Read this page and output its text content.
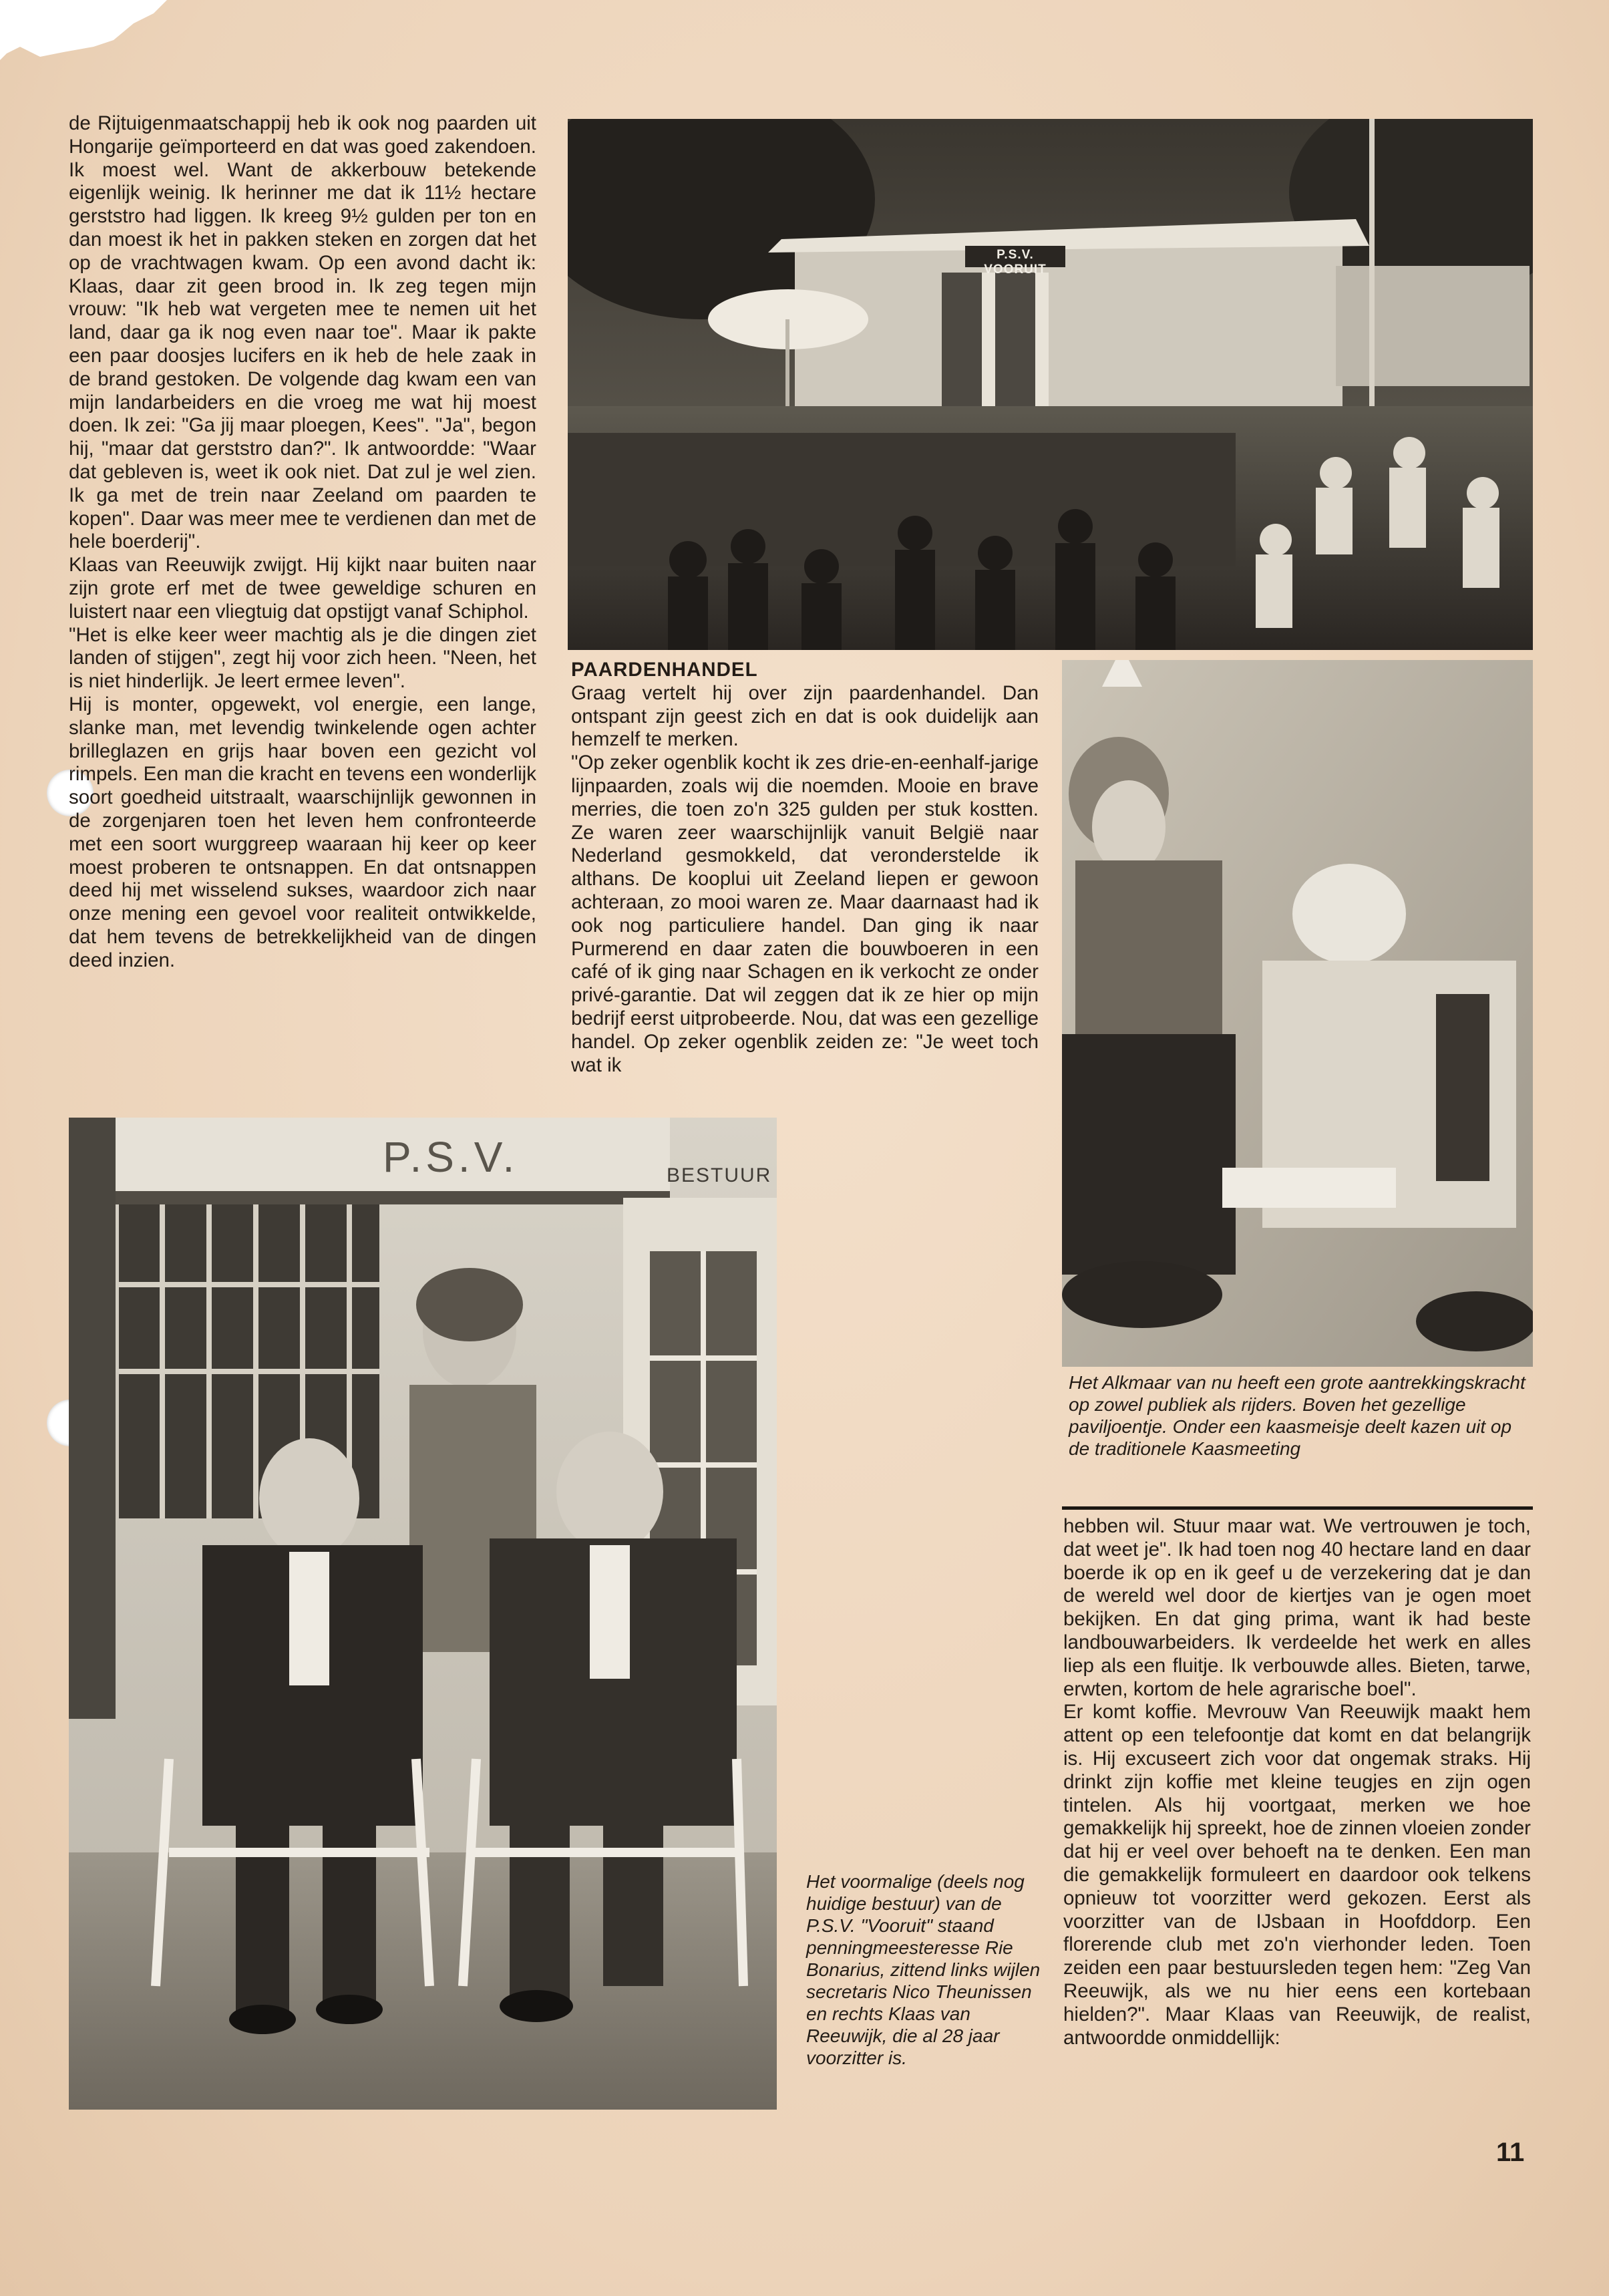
de Rijtuigenmaatschappij heb ik ook nog paarden uit Hongarije geïmporteerd en dat was goed zakendoen. Ik moest wel. Want de akkerbouw betekende eigenlijk weinig. Ik herinner me dat ik 11½ hectare gerststro had liggen. Ik kreeg 9½ gulden per ton en dan moest ik het in pakken steken en zorgen dat het op de vrachtwagen kwam. Op een avond dacht ik: Klaas, daar zit geen brood in. Ik zeg tegen mijn vrouw: "Ik heb wat vergeten mee te nemen uit het land, daar ga ik nog even naar toe". Maar ik pakte een paar doosjes lucifers en ik heb de hele zaak in de brand gestoken. De volgende dag kwam een van mijn landarbeiders en die vroeg me wat hij moest doen. Ik zei: "Ga jij maar ploegen, Kees". "Ja", begon hij, "maar dat gerststro dan?". Ik antwoordde: "Waar dat gebleven is, weet ik ook niet. Dat zul je wel zien. Ik ga met de trein naar Zeeland om paarden te kopen". Daar was meer mee te verdienen dan met de hele boerderij".

Klaas van Reeuwijk zwijgt. Hij kijkt naar buiten naar zijn grote erf met de twee geweldige schuren en luistert naar een vliegtuig dat opstijgt vanaf Schiphol.

"Het is elke keer weer machtig als je die dingen ziet landen of stijgen", zegt hij voor zich heen. "Neen, het is niet hinderlijk. Je leert ermee leven".

Hij is monter, opgewekt, vol energie, een lange, slanke man, met levendig twinkelende ogen achter brilleglazen en grijs haar boven een gezicht vol rimpels. Een man die kracht en tevens een wonderlijk soort goedheid uitstraalt, waarschijnlijk gewonnen in de zorgenjaren toen het leven hem confronteerde met een soort wurggreep waaraan hij keer op keer moest proberen te ontsnappen. En dat ontsnappen deed hij met wisselend sukses, waardoor zich naar onze mening een gevoel voor realiteit ontwikkelde, dat hem tevens de betrekkelijkheid van de dingen deed inzien.

P.S.V. VOORUIT

PAARDENHANDEL

Graag vertelt hij over zijn paardenhandel. Dan ontspant zijn geest zich en dat is ook duidelijk aan hemzelf te merken.

"Op zeker ogenblik kocht ik zes drie-en-eenhalf-jarige lijnpaarden, zoals wij die noemden. Mooie en brave merries, die toen zo'n 325 gulden per stuk kostten. Ze waren zeer waarschijnlijk vanuit België naar Nederland gesmokkeld, dat veronderstelde ik althans. De kooplui uit Zeeland liepen er gewoon achteraan, zo mooi waren ze. Maar daarnaast had ik ook nog particuliere handel. Dan ging ik naar Purmerend en daar zaten die bouwboeren in een café of ik ging naar Schagen en ik verkocht ze onder privé-garantie. Dat wil zeggen dat ik ze hier op mijn bedrijf eerst uitprobeerde. Nou, dat was een gezellige handel. Op zeker ogenblik zeiden ze: "Je weet toch wat ik

Het Alkmaar van nu heeft een grote aantrekkingskracht op zowel publiek als rijders. Boven het gezellige paviljoentje. Onder een kaasmeisje deelt kazen uit op de traditionele Kaasmeeting
P.S.V.	BESTUUR
Het voormalige (deels nog huidige bestuur) van de P.S.V. "Vooruit" staand penningmeesteresse Rie Bonarius, zittend links wijlen secretaris Nico Theunissen en rechts Klaas van Reeuwijk, die al 28 jaar voorzitter is.

hebben wil. Stuur maar wat. We vertrouwen je toch, dat weet je". Ik had toen nog 40 hectare land en daar boerde ik op en ik geef u de verzekering dat je dan de wereld wel door de kiertjes van je ogen moet bekijken. En dat ging prima, want ik had beste landbouwarbeiders. Ik verdeelde het werk en alles liep als een fluitje. Ik verbouwde alles. Bieten, tarwe, erwten, kortom de hele agrarische boel".

Er komt koffie. Mevrouw Van Reeuwijk maakt hem attent op een telefoontje dat komt en dat belangrijk is. Hij excuseert zich voor dat ongemak straks. Hij drinkt zijn koffie met kleine teugjes en zijn ogen tintelen. Als hij voortgaat, merken we hoe gemakkelijk hij spreekt, hoe de zinnen vloeien zonder dat hij er veel over behoeft na te denken. Een man die gemakkelijk formuleert en daardoor ook telkens opnieuw tot voorzitter werd gekozen. Eerst als voorzitter van de IJsbaan in Hoofddorp. Een florerende club met zo'n vierhonder leden. Toen zeiden een paar bestuursleden tegen hem: "Zeg Van Reeuwijk, als we nu hier eens een kortebaan hielden?". Maar Klaas van Reeuwijk, de realist, antwoordde onmiddellijk:

11
